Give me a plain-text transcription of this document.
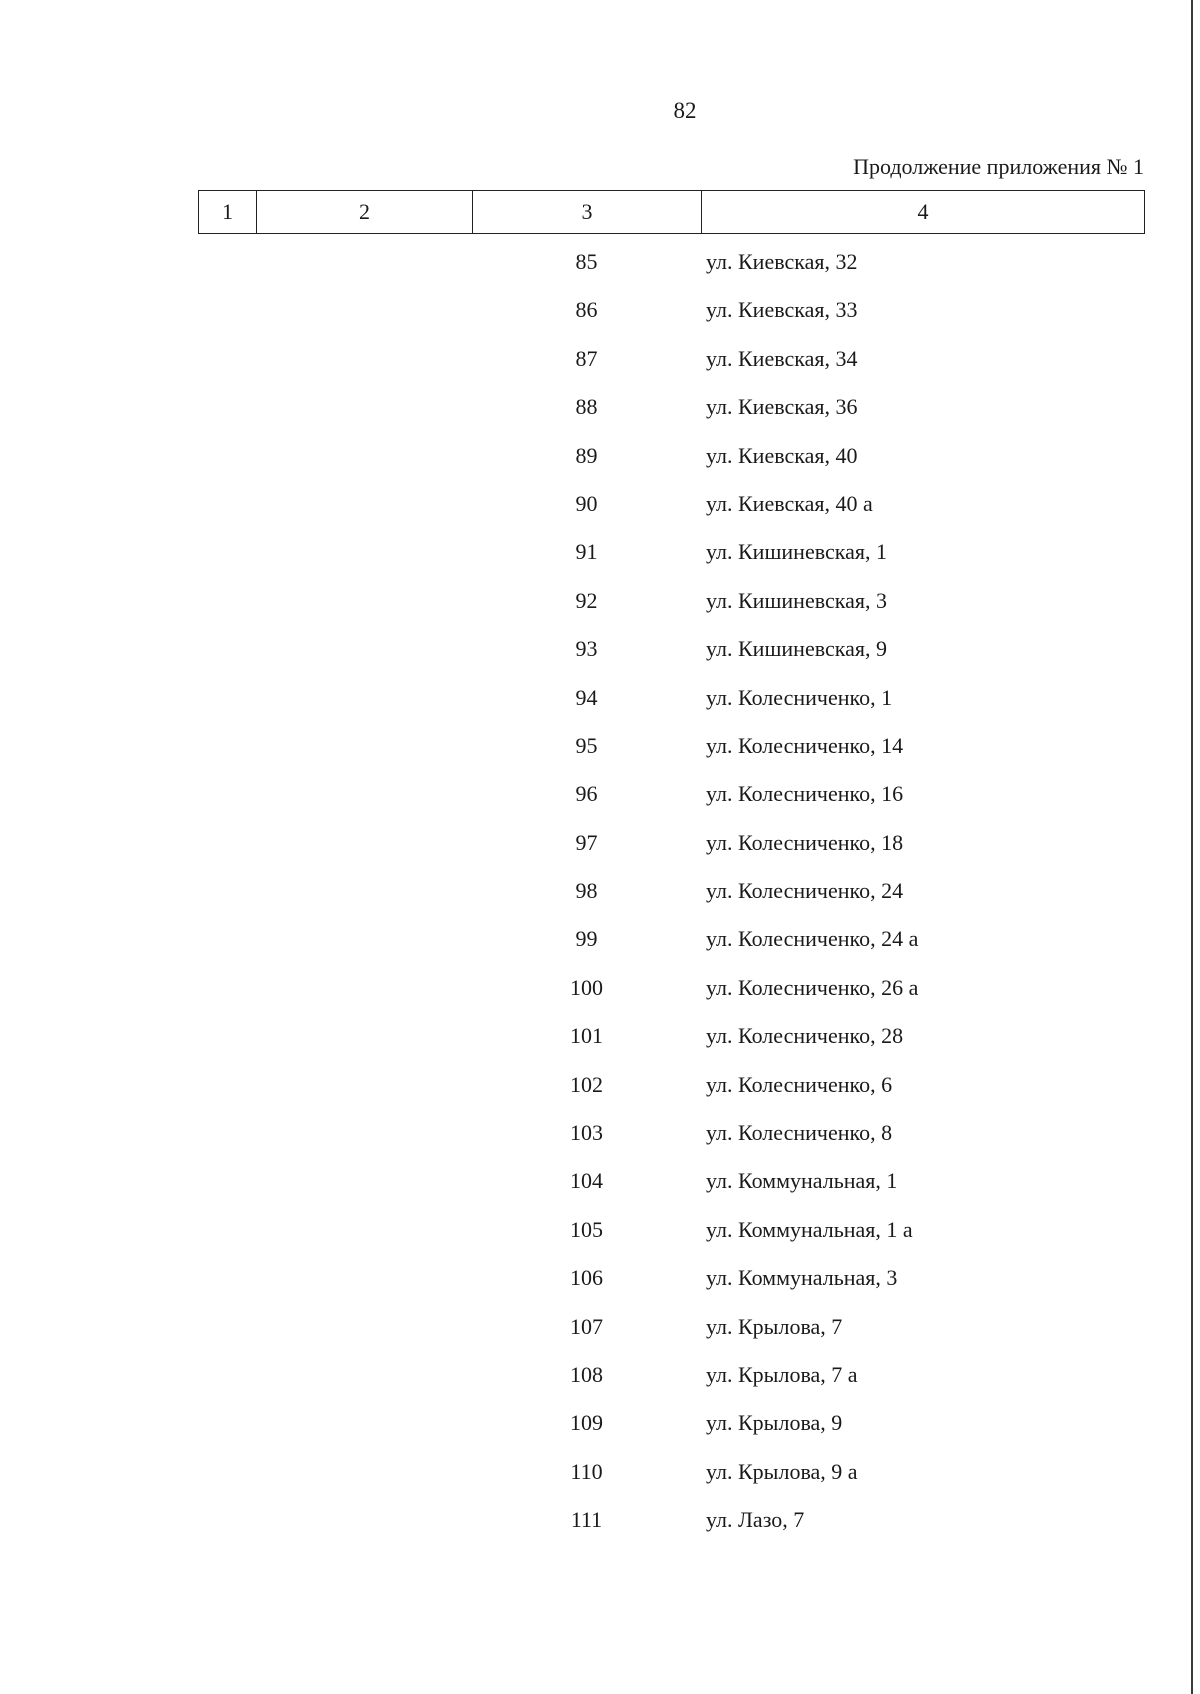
82
Продолжение приложения № 1
1	2	3	4
85	ул. Киевская, 32
86	ул. Киевская, 33
87	ул. Киевская, 34
88	ул. Киевская, 36
89	ул. Киевская, 40
90	ул. Киевская, 40 а
91	ул. Кишиневская, 1
92	ул. Кишиневская, 3
93	ул. Кишиневская, 9
94	ул. Колесниченко, 1
95	ул. Колесниченко, 14
96	ул. Колесниченко, 16
97	ул. Колесниченко, 18
98	ул. Колесниченко, 24
99	ул. Колесниченко, 24 а
100	ул. Колесниченко, 26 а
101	ул. Колесниченко, 28
102	ул. Колесниченко, 6
103	ул. Колесниченко, 8
104	ул. Коммунальная, 1
105	ул. Коммунальная, 1 а
106	ул. Коммунальная, 3
107	ул. Крылова, 7
108	ул. Крылова, 7 а
109	ул. Крылова, 9
110	ул. Крылова, 9 а
111	ул. Лазо, 7
